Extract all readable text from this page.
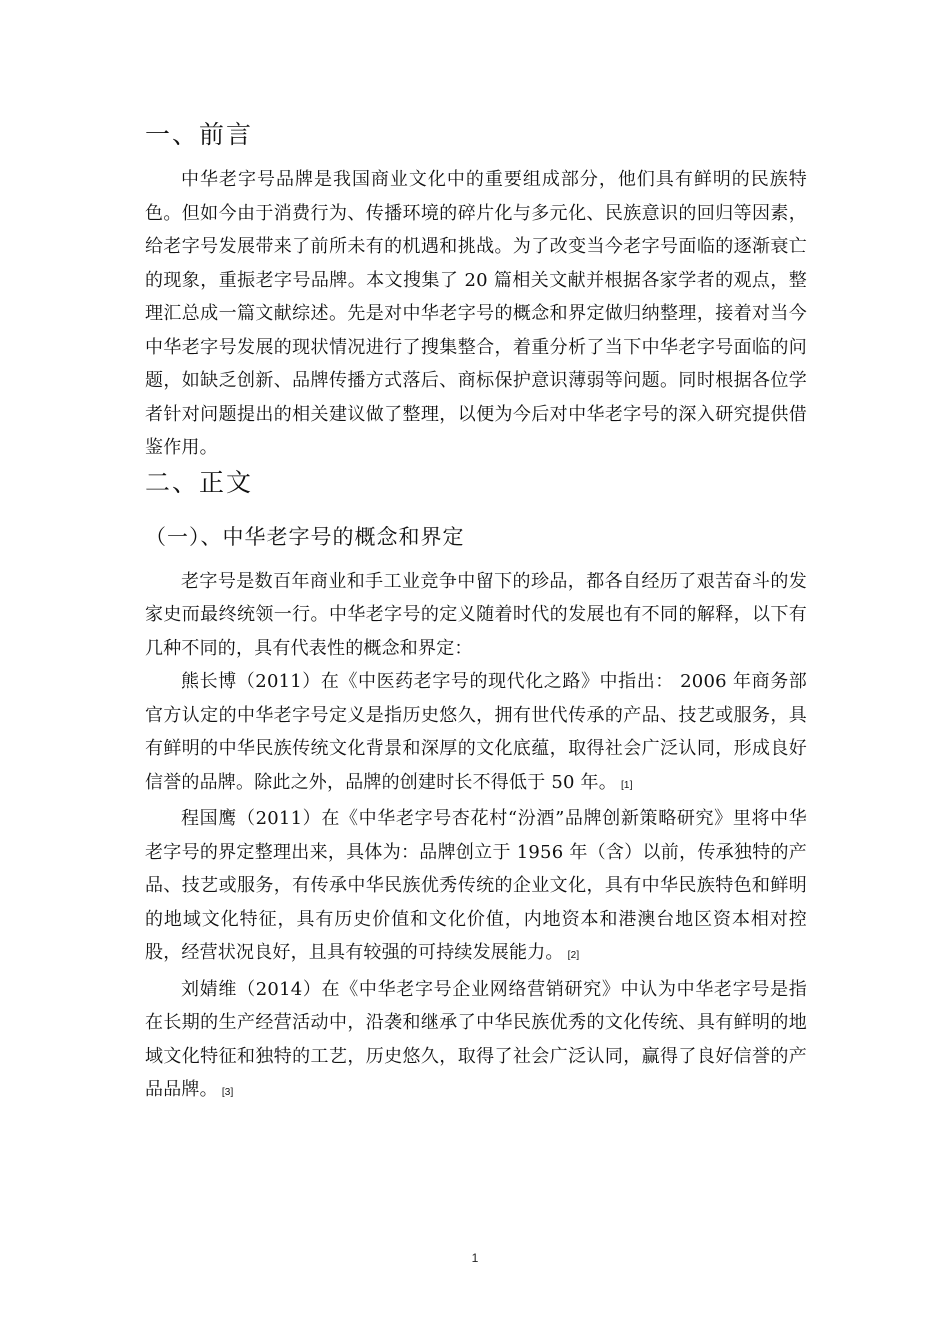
一、前言

中华老字号品牌是我国商业文化中的重要组成部分，他们具有鲜明的民族特色。但如今由于消费行为、传播环境的碎片化与多元化、民族意识的回归等因素，给老字号发展带来了前所未有的机遇和挑战。为了改变当今老字号面临的逐渐衰亡的现象，重振老字号品牌。本文搜集了 20 篇相关文献并根据各家学者的观点，整理汇总成一篇文献综述。先是对中华老字号的概念和界定做归纳整理，接着对当今中华老字号发展的现状情况进行了搜集整合，着重分析了当下中华老字号面临的问题，如缺乏创新、品牌传播方式落后、商标保护意识薄弱等问题。同时根据各位学者针对问题提出的相关建议做了整理，以便为今后对中华老字号的深入研究提供借鉴作用。

二、正文
（一）、中华老字号的概念和界定

老字号是数百年商业和手工业竞争中留下的珍品，都各自经历了艰苦奋斗的发家史而最终统领一行。中华老字号的定义随着时代的发展也有不同的解释，以下有几种不同的，具有代表性的概念和界定：

熊长博（2011）在《中医药老字号的现代化之路》中指出： 2006 年商务部官方认定的中华老字号定义是指历史悠久，拥有世代传承的产品、技艺或服务，具有鲜明的中华民族传统文化背景和深厚的文化底蕴，取得社会广泛认同，形成良好信誉的品牌。除此之外，品牌的创建时长不得低于 50 年。 [1]

程国鹰（2011）在《中华老字号杏花村“汾酒”品牌创新策略研究》里将中华老字号的界定整理出来，具体为：品牌创立于 1956 年（含）以前，传承独特的产品、技艺或服务，有传承中华民族优秀传统的企业文化，具有中华民族特色和鲜明的地域文化特征，具有历史价值和文化价值，内地资本和港澳台地区资本相对控股，经营状况良好，且具有较强的可持续发展能力。 [2]

刘婧维（2014）在《中华老字号企业网络营销研究》中认为中华老字号是指在长期的生产经营活动中，沿袭和继承了中华民族优秀的文化传统、具有鲜明的地域文化特征和独特的工艺，历史悠久，取得了社会广泛认同，赢得了良好信誉的产品品牌。 [3]

1
